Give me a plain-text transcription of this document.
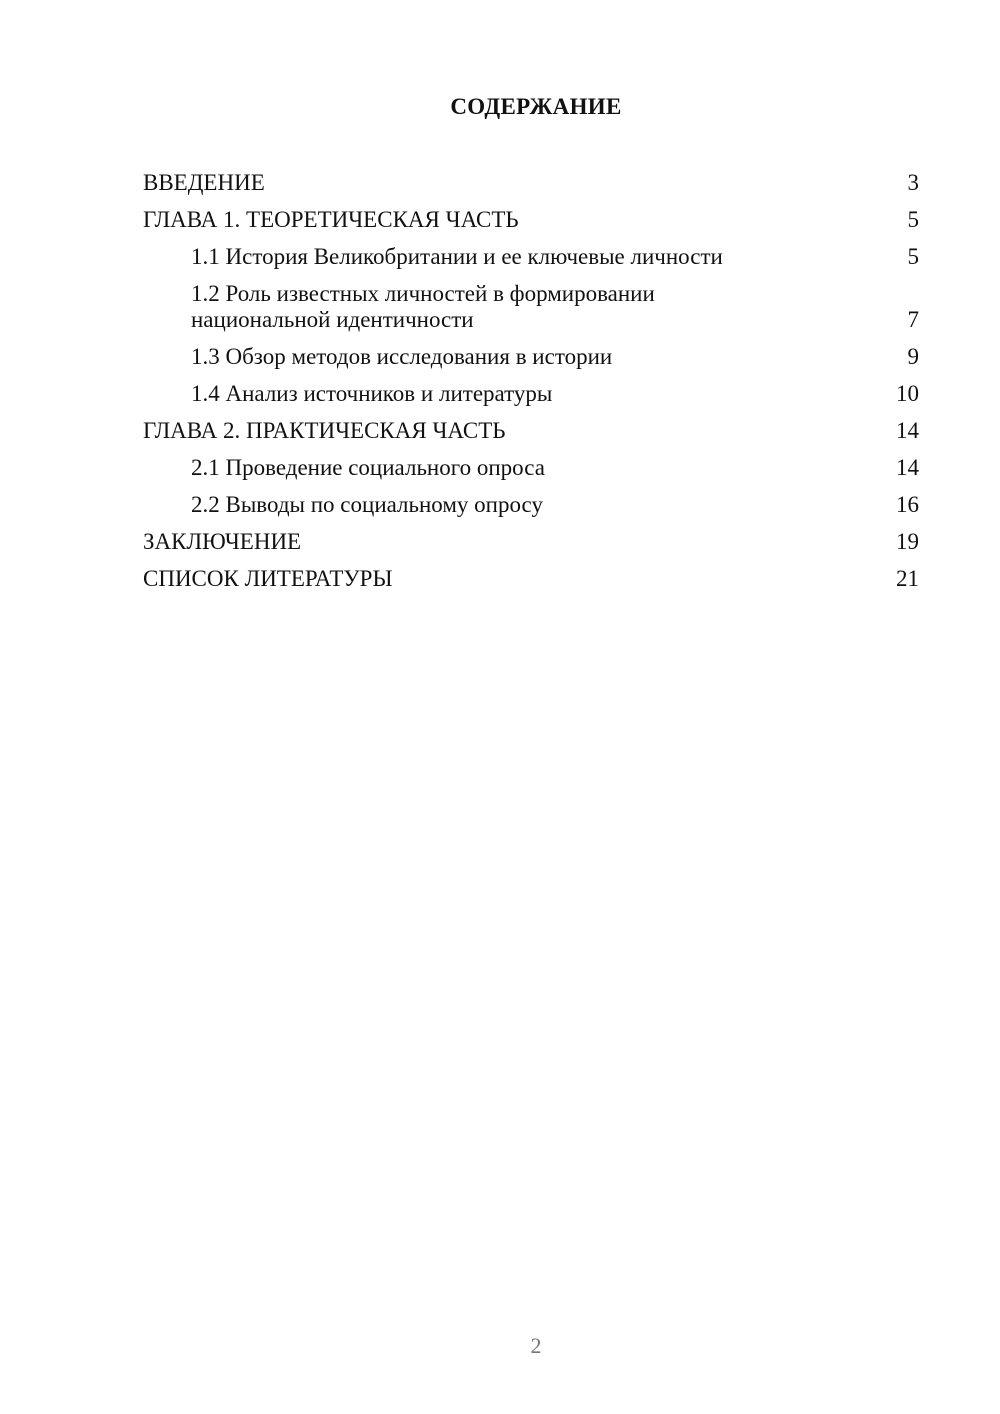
СОДЕРЖАНИЕ
ВВЕДЕНИЕ	3
ГЛАВА 1. ТЕОРЕТИЧЕСКАЯ ЧАСТЬ	5
1.1 История Великобритании и ее ключевые личности	5
1.2 Роль известных личностей в формировании национальной идентичности	7
1.3 Обзор методов исследования в истории	9
1.4 Анализ источников и литературы	10
ГЛАВА 2. ПРАКТИЧЕСКАЯ ЧАСТЬ	14
2.1 Проведение социального опроса	14
2.2 Выводы по социальному опросу	16
ЗАКЛЮЧЕНИЕ	19
СПИСОК ЛИТЕРАТУРЫ	21
2
